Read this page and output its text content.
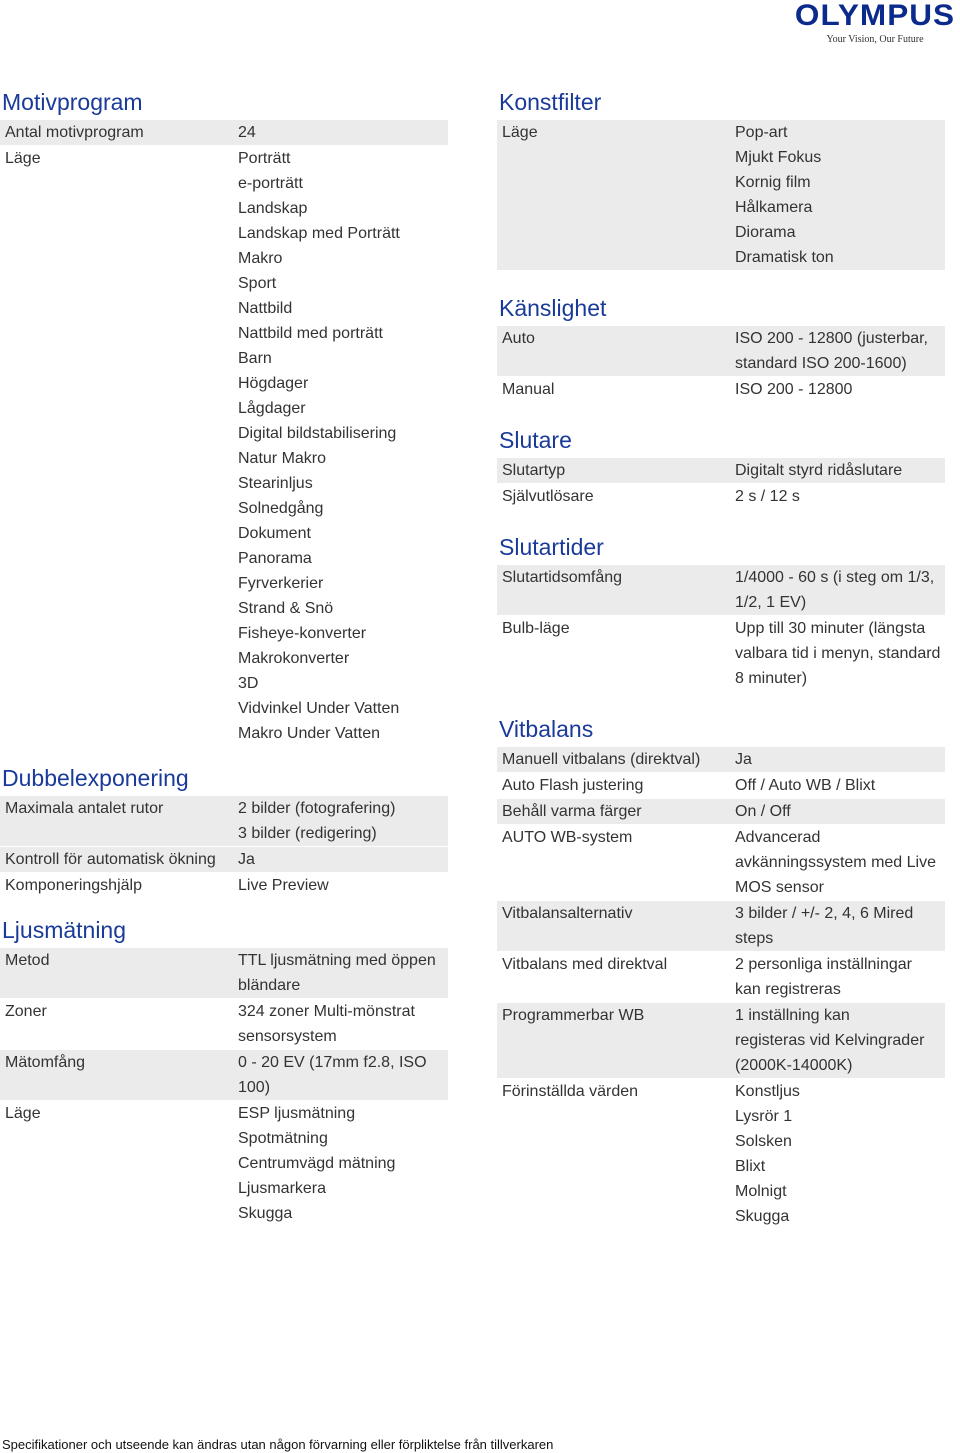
OLYMPUS
Your Vision, Our Future
Motivprogram
Antal motivprogram	24
Läge	Porträtt
e-porträtt
Landskap
Landskap med Porträtt
Makro
Sport
Nattbild
Nattbild med porträtt
Barn
Högdager
Lågdager
Digital bildstabilisering
Natur Makro
Stearinljus
Solnedgång
Dokument
Panorama
Fyrverkerier
Strand & Snö
Fisheye-konverter
Makrokonverter
3D
Vidvinkel Under Vatten
Makro Under Vatten
Dubbelexponering
Maximala antalet rutor	2 bilder (fotografering)
3 bilder (redigering)
Kontroll för automatisk ökning	Ja
Komponeringshjälp	Live Preview
Ljusmätning
Metod	TTL ljusmätning med öppen
bländare
Zoner	324 zoner Multi-mönstrat
sensorsystem
Mätomfång	0 - 20 EV (17mm f2.8, ISO
100)
Läge	ESP ljusmätning
Spotmätning
Centrumvägd mätning
Ljusmarkera
Skugga
Konstfilter
Läge	Pop-art
Mjukt Fokus
Kornig film
Hålkamera
Diorama
Dramatisk ton
Känslighet
Auto	ISO 200 - 12800 (justerbar,
standard ISO 200-1600)
Manual	ISO 200 - 12800
Slutare
Slutartyp	Digitalt styrd ridåslutare
Självutlösare	2 s / 12 s
Slutartider
Slutartidsomfång	1/4000 - 60 s (i steg om 1/3,
1/2, 1 EV)
Bulb-läge	Upp till 30 minuter (längsta
valbara tid i menyn, standard
8 minuter)
Vitbalans
Manuell vitbalans (direktval)	Ja
Auto Flash justering	Off / Auto WB / Blixt
Behåll varma färger	On / Off
AUTO WB-system	Advancerad
avkänningssystem med Live
MOS sensor
Vitbalansalternativ	3 bilder / +/- 2, 4, 6 Mired
steps
Vitbalans med direktval	2 personliga inställningar
kan registreras
Programmerbar WB	1 inställning kan
registeras vid Kelvingrader
(2000K-14000K)
Förinställda värden	Konstljus
Lysrör 1
Solsken
Blixt
Molnigt
Skugga
Specifikationer och utseende kan ändras utan någon förvarning eller förpliktelse från tillverkaren
